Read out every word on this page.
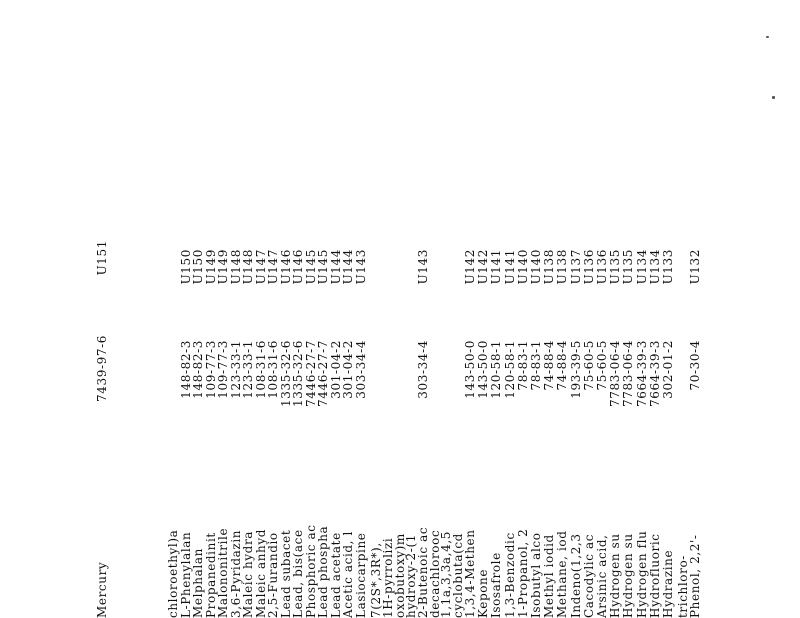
U132
70-30-4
Phenol, 2,2'-
trichloro-
U133
302-01-2
Hydrazine
U134
7664-39-3
Hydrofluoric
U134
7664-39-3
Hydrogen flu
U135
7783-06-4
Hydrogen su
U135
7783-06-4
Hydrogen su
U136
75-60-5
Arsinic acid,
U136
75-60-5
Cacodylic ac
U137
193-39-5
Indeno(1,2,3
U138
74-88-4
Methane, iod
U138
74-88-4
Methyl iodid
U140
78-83-1
Isobutyl alco
U140
78-83-1
1-Propanol, 2
U141
120-58-1
1,3-Benzodic
U141
120-58-1
Isosafrole
U142
143-50-0
Kepone
U142
143-50-0
1,3,4-Methen
cyclobuta(cd
1,1a,3,3a,4,5
decachlorooc
U143
303-34-4
2-Butenoic ac
hydroxy-2-(1
oxobutoxy)m
1H-pyrrolizi
7(2S*,3R*),
U143
303-34-4
Lasiocarpine
U144
301-04-2
Acetic acid, l
U144
301-04-2
Lead acetate
U145
7446-27-7
Lead phospha
U145
7446-27-7
Phosphoric ac
U146
1335-32-6
Lead, bis(ace
U146
1335-32-6
Lead subacet
U147
108-31-6
2,5-Furandio
U147
108-31-6
Maleic anhyd
U148
123-33-1
Maleic hydra
U148
123-33-1
3,6-Pyridazin
U149
109-77-3
Malononitrile
U149
109-77-3
Propanedinit
U150
148-82-3
Melphalan
U150
148-82-3
L-Phenylalan
chloroethyl)a
U151
7439-97-6
Mercury
